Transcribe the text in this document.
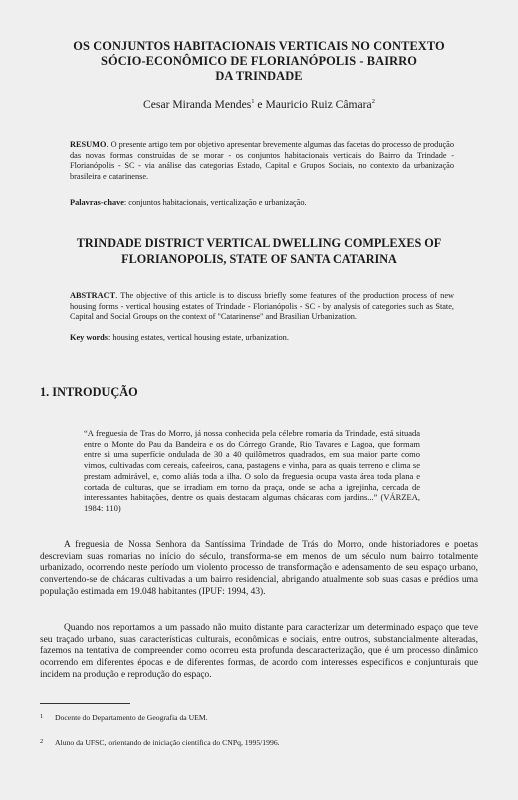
OS CONJUNTOS HABITACIONAIS VERTICAIS NO CONTEXTO
SÓCIO-ECONÔMICO DE FLORIANÓPOLIS - BAIRRO
DA TRINDADE
Cesar Miranda Mendes$^1$ e Mauricio Ruiz Câmara$^2$
RESUMO. O presente artigo tem por objetivo apresentar brevemente algumas das facetas do processo de produção das novas formas construídas de se morar - os conjuntos habitacionais verticais do Bairro da Trindade - Florianópolis - SC - via análise das categorias Estado, Capital e Grupos Sociais, no contexto da urbanização brasileira e catarinense.
Palavras-chave: conjuntos habitacionais, verticalização e urbanização.
TRINDADE DISTRICT VERTICAL DWELLING COMPLEXES OF
FLORIANOPOLIS, STATE OF SANTA CATARINA
ABSTRACT. The objective of this article is to discuss briefly some features of the production process of new housing forms - vertical housing estates of Trindade - Florianópolis - SC - by analysis of categories such as State, Capital and Social Groups on the context of "Catarinense" and Brasilian Urbanization.
Key words: housing estates, vertical housing estate, urbanization.
1. INTRODUÇÃO
“A freguesia de Tras do Morro, já nossa conhecida pela célebre romaria da Trindade, está situada entre o Monte do Pau da Bandeira e os do Córrego Grande, Rio Tavares e Lagoa, que formam entre si uma superfície ondulada de 30 a 40 quilômetros quadrados, em sua maior parte como vimos, cultivadas com cereais, cafeeiros, cana, pastagens e vinha, para as quais terreno e clima se prestam admirável, e, como aliás toda a ilha. O solo da freguesia ocupa vasta área toda plana e cortada de culturas, que se irradiam em torno da praça, onde se acha a igrejinha, cercada de interessantes habitações, dentre os quais destacam algumas chácaras com jardins...” (VÁRZEA, 1984: 110)
A freguesia de Nossa Senhora da Santíssima Trindade de Trás do Morro, onde historiadores e poetas descreviam suas romarias no início do século, transforma-se em menos de um século num bairro totalmente urbanizado, ocorrendo neste período um violento processo de transformação e adensamento de seu espaço urbano, convertendo-se de chácaras cultivadas a um bairro residencial, abrigando atualmente sob suas casas e prédios uma população estimada em 19.048 habitantes (IPUF: 1994, 43).
Quando nos reportamos a um passado não muito distante para caracterizar um determinado espaço que teve seu traçado urbano, suas características culturais, econômicas e sociais, entre outros, substancialmente alteradas, fazemos na tentativa de compreender como ocorreu esta profunda descaracterização, que é um processo dinâmico ocorrendo em diferentes épocas e de diferentes formas, de acordo com interesses específicos e conjunturais que incidem na produção e reprodução do espaço.
1 Docente do Departamento de Geografia da UEM.
2 Aluno da UFSC, orientando de iniciação científica do CNPq, 1995/1996.
